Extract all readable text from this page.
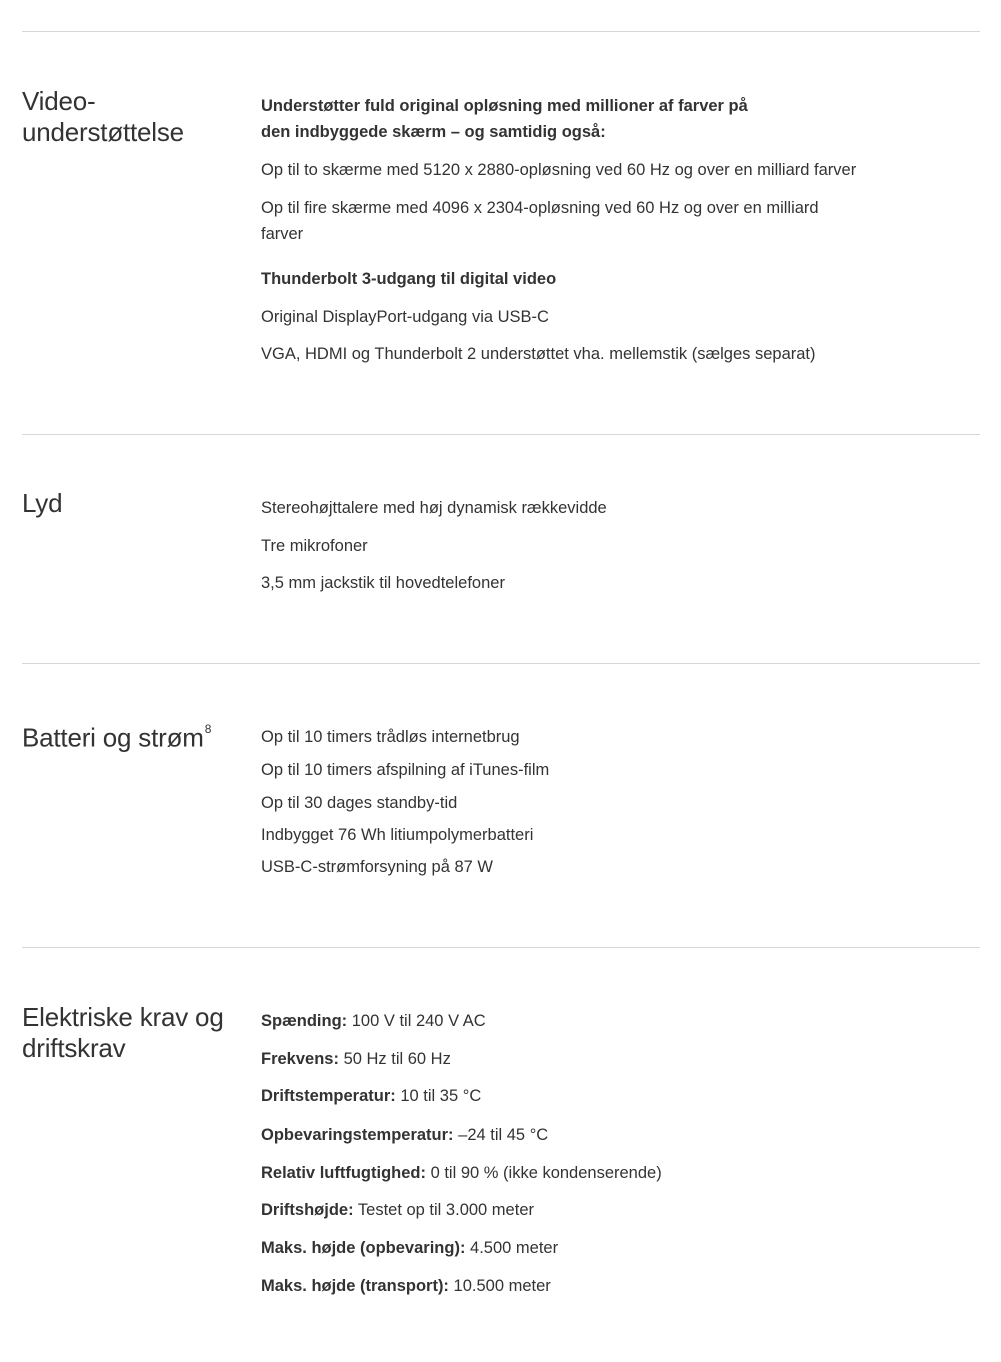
Video-
understøttelse
Understøtter fuld original opløsning med millioner af farver på den indbyggede skærm – og samtidig også:
Op til to skærme med 5120 x 2880-opløsning ved 60 Hz og over en milliard farver
Op til fire skærme med 4096 x 2304-opløsning ved 60 Hz og over en milliard farver
Thunderbolt 3-udgang til digital video
Original DisplayPort-udgang via USB-C
VGA, HDMI og Thunderbolt 2 understøttet vha. mellemstik (sælges separat)
Lyd	Stereohøjttalere med høj dynamisk rækkevidde
Tre mikrofoner
3,5 mm jackstik til hovedtelefoner
Batteri og strøm$^8$	Op til 10 timers trådløs internetbrug
Op til 10 timers afspilning af iTunes-film
Op til 30 dages standby-tid
Indbygget 76 Wh litiumpolymerbatteri
USB-C-strømforsyning på 87 W
Elektriske krav og
driftskrav
Spænding: 100 V til 240 V AC
Frekvens: 50 Hz til 60 Hz
Driftstemperatur: 10 til 35 °C
Opbevaringstemperatur: –24 til 45 °C
Relativ luftfugtighed: 0 til 90 % (ikke kondenserende)
Driftshøjde: Testet op til 3.000 meter
Maks. højde (opbevaring): 4.500 meter
Maks. højde (transport): 10.500 meter
